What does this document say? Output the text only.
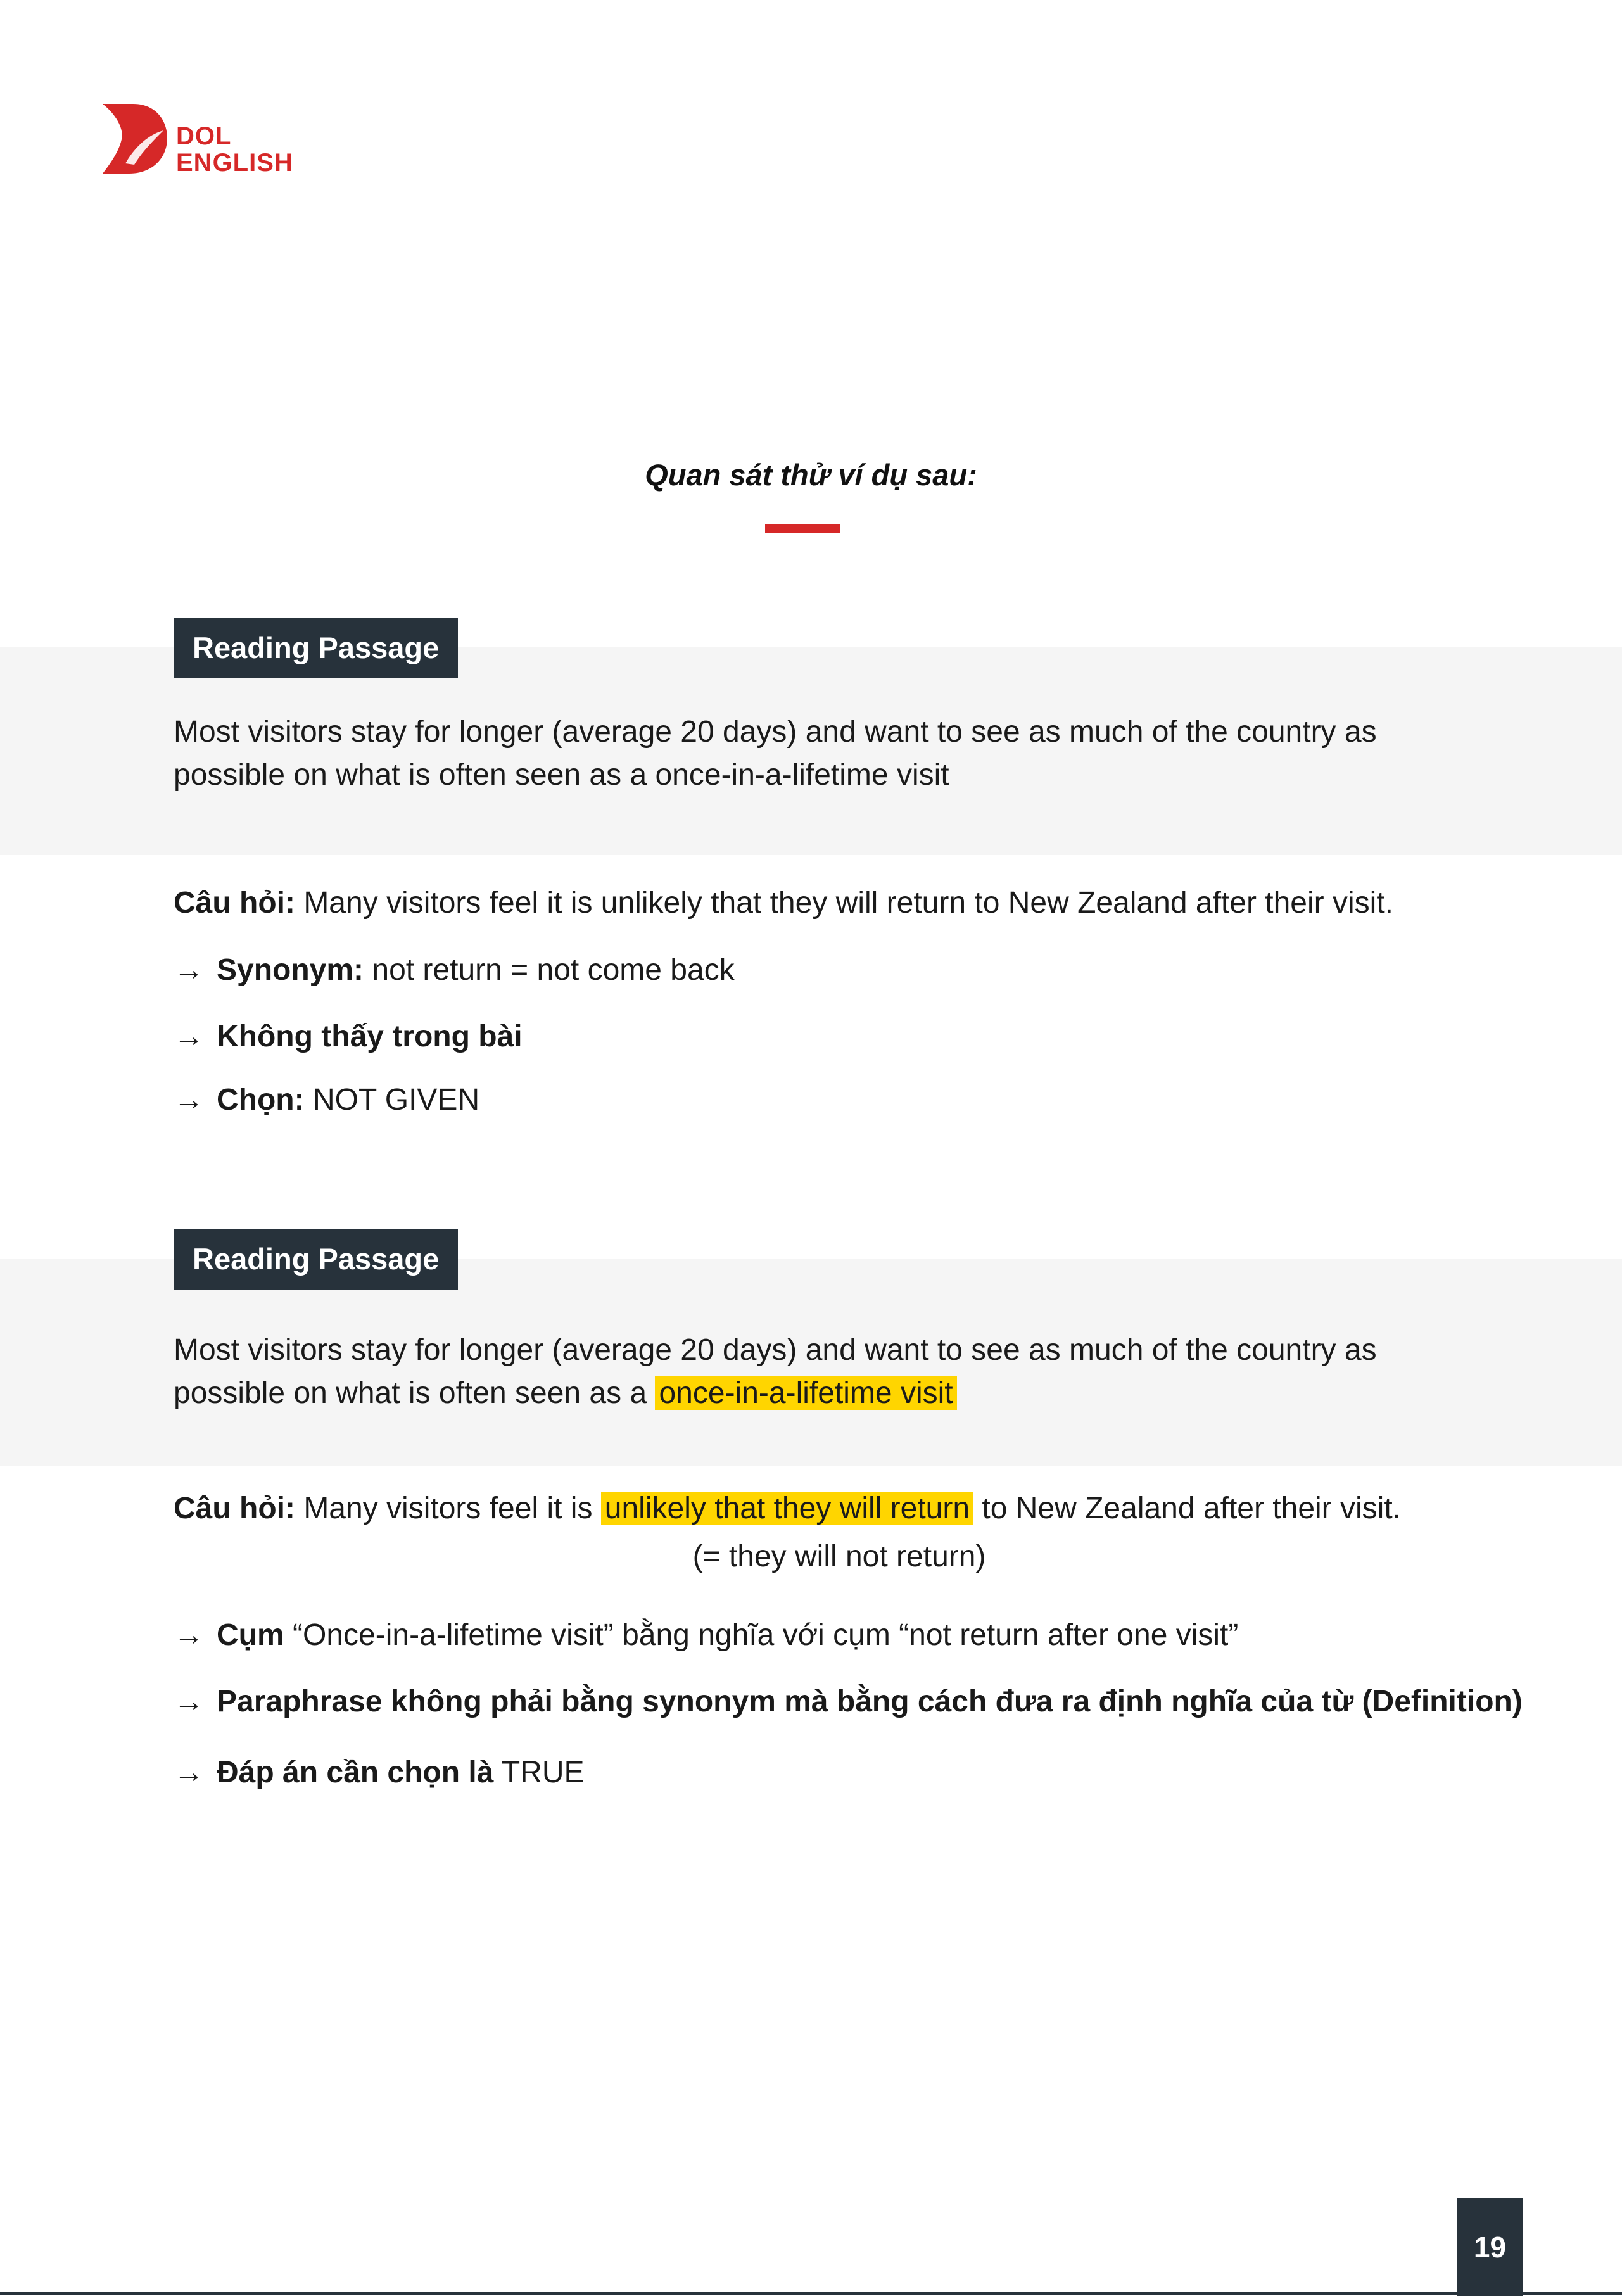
DOL
ENGLISH
Quan sát thử ví dụ sau:
Reading Passage
Most visitors stay for longer (average 20 days) and want to see as much of the country as possible on what is often seen as a once-in-a-lifetime visit
Câu hỏi: Many visitors feel it is unlikely that they will return to New Zealand after their visit.
→ Synonym: not return = not come back
→ Không thấy trong bài
→ Chọn: NOT GIVEN
Reading Passage
Most visitors stay for longer (average 20 days) and want to see as much of the country as possible on what is often seen as a once-in-a-lifetime visit
Câu hỏi: Many visitors feel it is unlikely that they will return to New Zealand after their visit.
(= they will not return)
→ Cụm “Once-in-a-lifetime visit” bằng nghĩa với cụm “not return after one visit”
→ Paraphrase không phải bằng synonym mà bằng cách đưa ra định nghĩa của từ (Definition)
→ Đáp án cần chọn là TRUE
19
